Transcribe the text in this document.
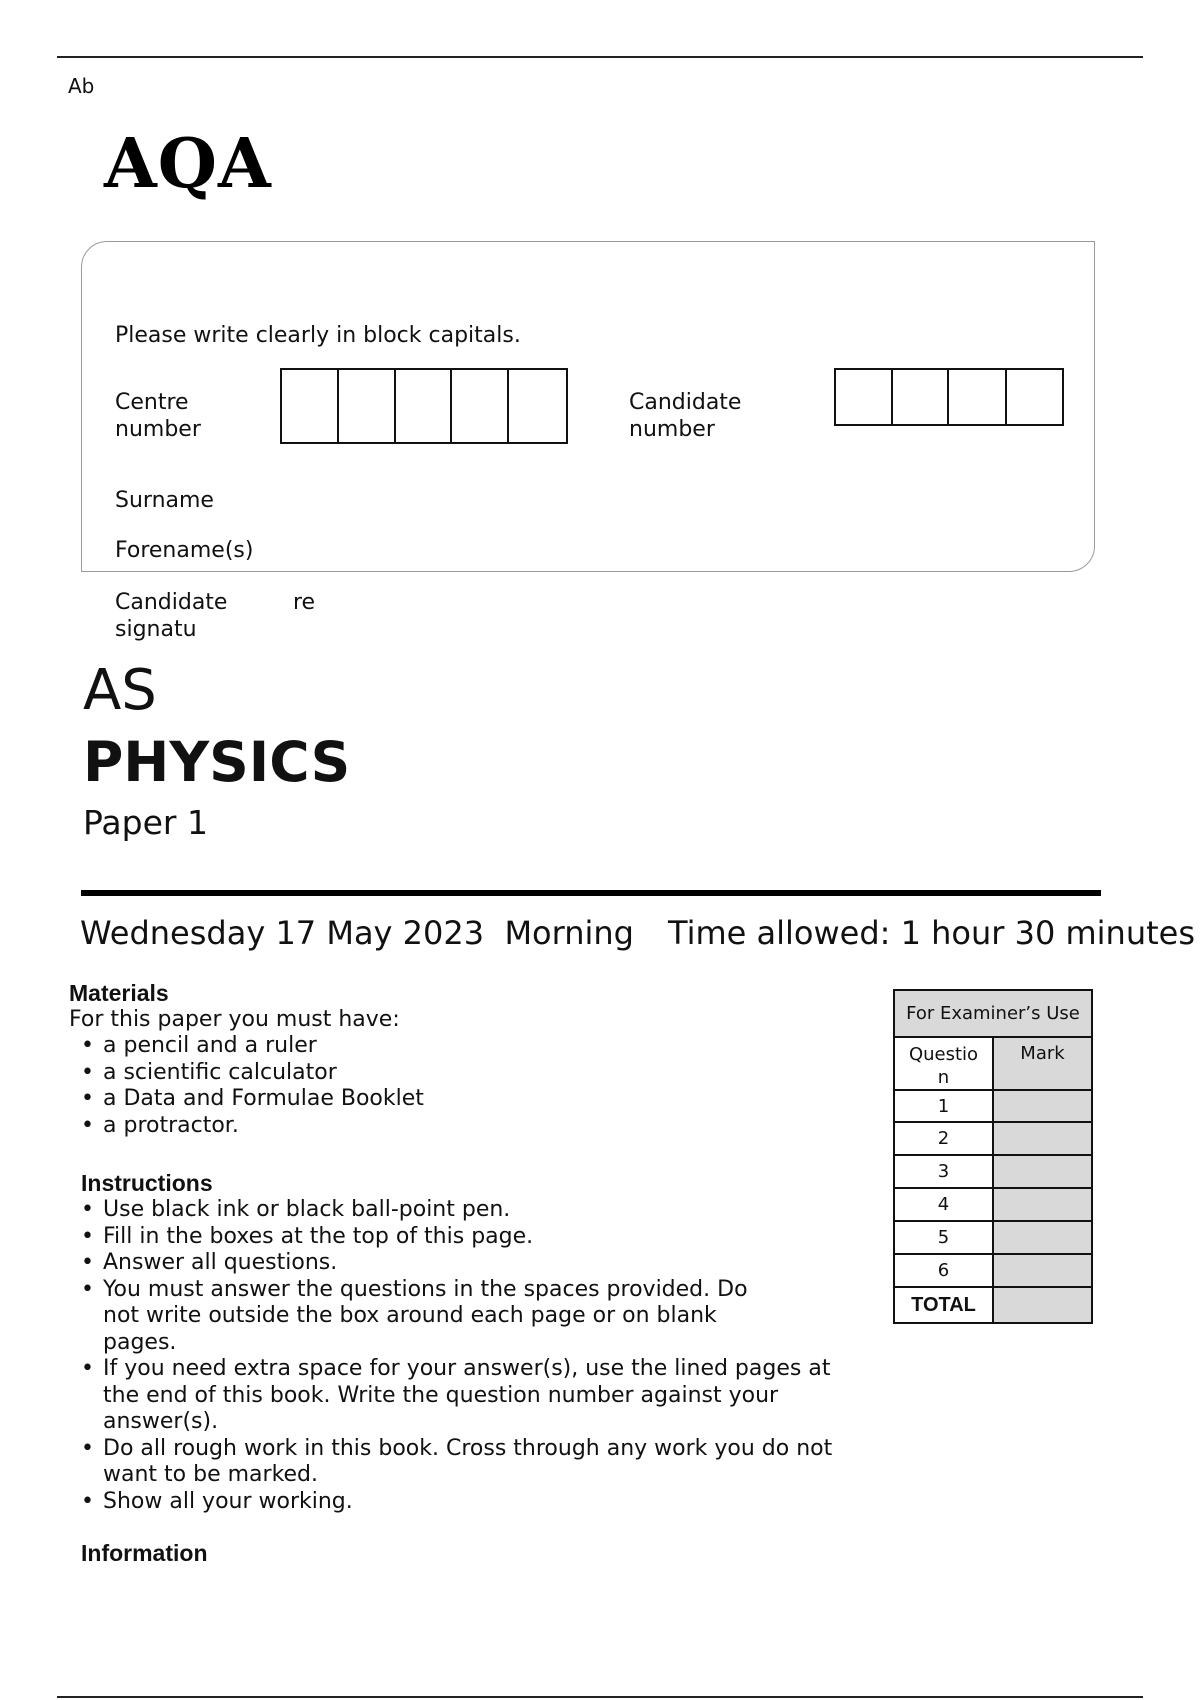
Ab
AQA
Please write clearly in block capitals.
Centre
number
Candidate
number
Surname
Forename(s)
Candidate
signatu
re
AS
PHYSICS
Paper 1
Wednesday 17 May 2023 Morning Time allowed: 1 hour 30 minutes
Materials
For this paper you must have:
• a pencil and a ruler
• a scientific calculator
• a Data and Formulae Booklet
• a protractor.
Instructions
• Use black ink or black ball-point pen.
• Fill in the boxes at the top of this page.
• Answer all questions.
• You must answer the questions in the spaces provided. Do not write outside the box around each page or on blank pages.
• If you need extra space for your answer(s), use the lined pages at the end of this book. Write the question number against your answer(s).
• Do all rough work in this book. Cross through any work you do not want to be marked.
• Show all your working.
Information
For Examiner’s Use	

Questio
n	Mark
1	
2	
3	
4	
5	
6	
TOTAL	
